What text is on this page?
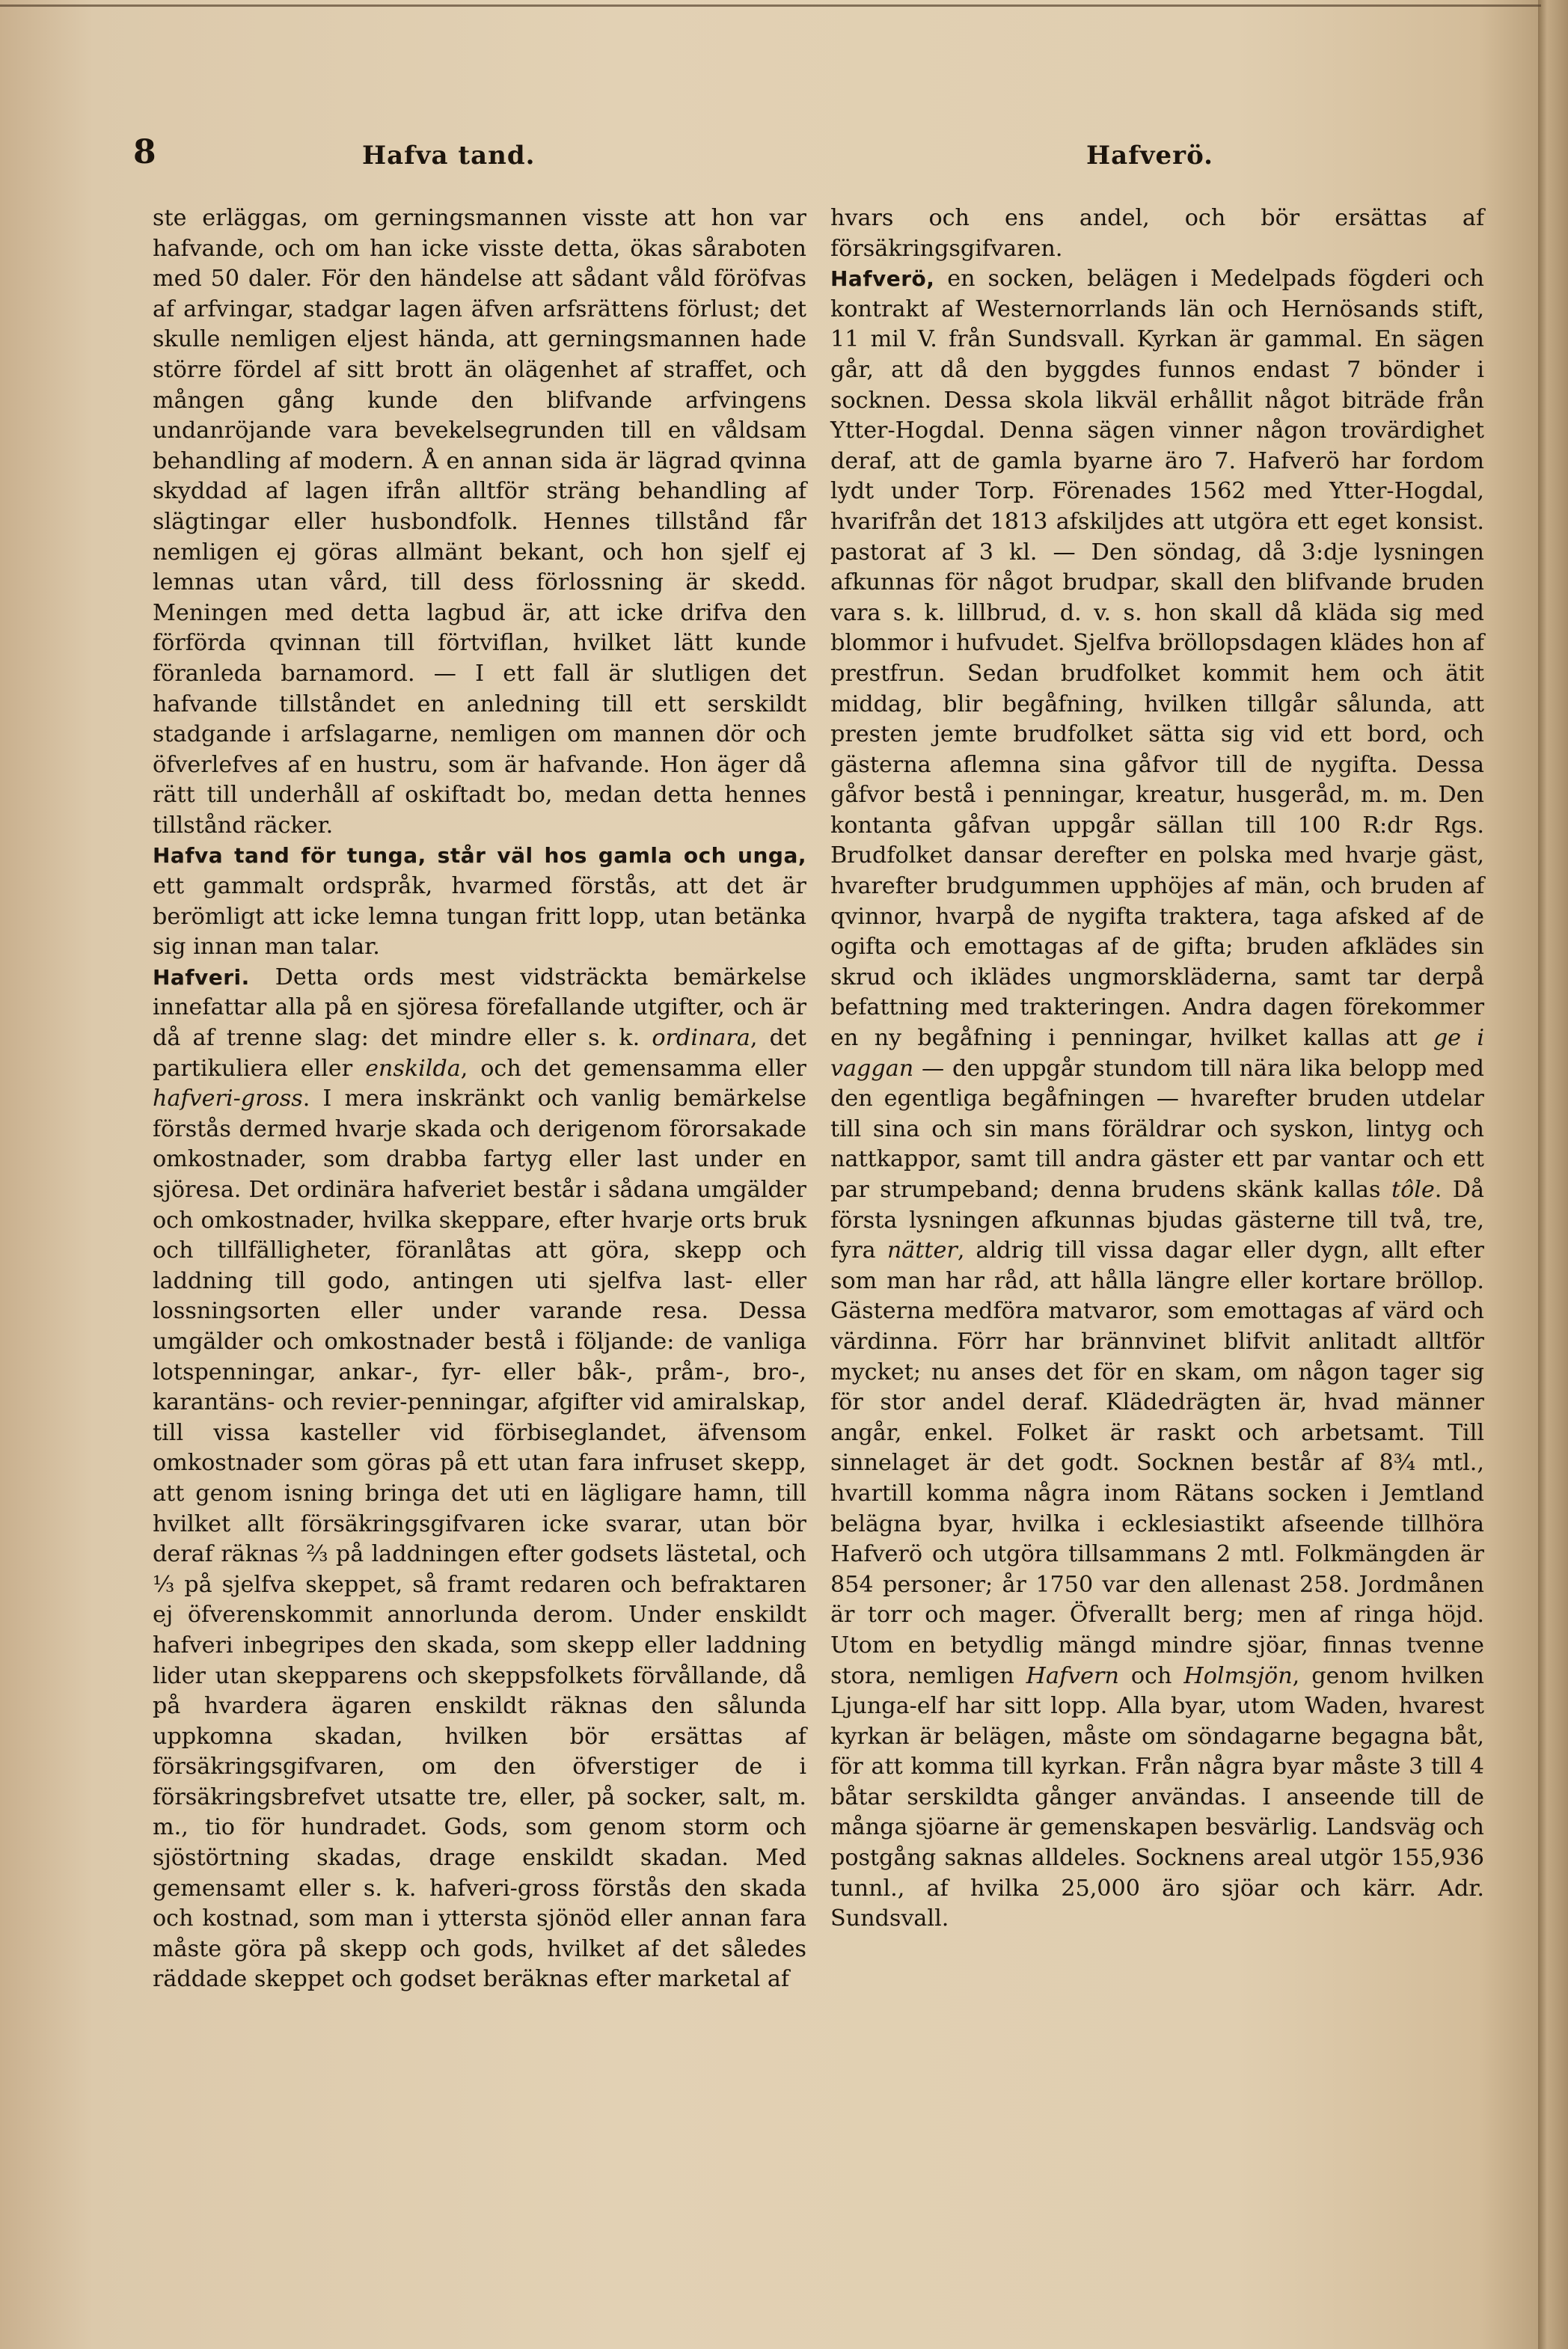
8	Hafva tand.	Hafverö.

ste erläggas, om gerningsmannen visste att hon var hafvande, och om han icke visste detta, ökas såraboten med 50 daler. För den händelse att sådant våld föröfvas af arfvingar, stadgar lagen äfven arfsrättens förlust; det skulle nemligen eljest hända, att gerningsmannen hade större fördel af sitt brott än olägenhet af straffet, och mången gång kunde den blifvande arfvingens undanröjande vara bevekelsegrunden till en våldsam behandling af modern. Å en annan sida är lägrad qvinna skyddad af lagen ifrån alltför sträng behandling af slägtingar eller husbondfolk. Hennes tillstånd får nemligen ej göras allmänt bekant, och hon sjelf ej lemnas utan vård, till dess förlossning är skedd. Meningen med detta lagbud är, att icke drifva den förförda qvinnan till förtviflan, hvilket lätt kunde föranleda barnamord. — I ett fall är slutligen det hafvande tillståndet en anledning till ett serskildt stadgande i arfslagarne, nemligen om mannen dör och öfverlefves af en hustru, som är hafvande. Hon äger då rätt till underhåll af oskiftadt bo, medan detta hennes tillstånd räcker.

Hafva tand för tunga, står väl hos gamla och unga, ett gammalt ordspråk, hvarmed förstås, att det är berömligt att icke lemna tungan fritt lopp, utan betänka sig innan man talar.

Hafveri. Detta ords mest vidsträckta bemärkelse innefattar alla på en sjöresa förefallande utgifter, och är då af trenne slag: det mindre eller s. k. ordinara, det partikuliera eller enskilda, och det gemensamma eller hafveri-gross. I mera inskränkt och vanlig bemärkelse förstås dermed hvarje skada och derigenom förorsakade omkostnader, som drabba fartyg eller last under en sjöresa. Det ordinära hafveriet består i sådana umgälder och omkostnader, hvilka skeppare, efter hvarje orts bruk och tillfälligheter, föranlåtas att göra, skepp och laddning till godo, antingen uti sjelfva last- eller lossningsorten eller under varande resa. Dessa umgälder och omkostnader bestå i följande: de vanliga lotspenningar, ankar-, fyr- eller båk-, pråm-, bro-, karantäns- och revier-penningar, afgifter vid amiralskap, till vissa kasteller vid förbiseglandet, äfvensom omkostnader som göras på ett utan fara infruset skepp, att genom isning bringa det uti en lägligare hamn, till hvilket allt försäkringsgifvaren icke svarar, utan bör deraf räknas ⅔ på laddningen efter godsets lästetal, och ⅓ på sjelfva skeppet, så framt redaren och befraktaren ej öfverenskommit annorlunda derom. Under enskildt hafveri inbegripes den skada, som skepp eller laddning lider utan skepparens och skeppsfolkets förvållande, då på hvardera ägaren enskildt räknas den sålunda uppkomna skadan, hvilken bör ersättas af försäkringsgifvaren, om den öfverstiger de i försäkringsbrefvet utsatte tre, eller, på socker, salt, m. m., tio för hundradet. Gods, som genom storm och sjöstörtning skadas, drage enskildt skadan. Med gemensamt eller s. k. hafveri-gross förstås den skada och kostnad, som man i yttersta sjönöd eller annan fara måste göra på skepp och gods, hvilket af det således räddade skeppet och godset beräknas efter marketal af

hvars och ens andel, och bör ersättas af försäkringsgifvaren.

Hafverö, en socken, belägen i Medelpads fögderi och kontrakt af Westernorrlands län och Hernösands stift, 11 mil V. från Sundsvall. Kyrkan är gammal. En sägen går, att då den byggdes funnos endast 7 bönder i socknen. Dessa skola likväl erhållit något biträde från Ytter-Hogdal. Denna sägen vinner någon trovärdighet deraf, att de gamla byarne äro 7. Hafverö har fordom lydt under Torp. Förenades 1562 med Ytter-Hogdal, hvarifrån det 1813 afskiljdes att utgöra ett eget konsist. pastorat af 3 kl. — Den söndag, då 3:dje lysningen afkunnas för något brudpar, skall den blifvande bruden vara s. k. lillbrud, d. v. s. hon skall då kläda sig med blommor i hufvudet. Sjelfva bröllopsdagen klädes hon af prestfrun. Sedan brudfolket kommit hem och ätit middag, blir begåfning, hvilken tillgår sålunda, att presten jemte brudfolket sätta sig vid ett bord, och gästerna aflemna sina gåfvor till de nygifta. Dessa gåfvor bestå i penningar, kreatur, husgeråd, m. m. Den kontanta gåfvan uppgår sällan till 100 R:dr Rgs. Brudfolket dansar derefter en polska med hvarje gäst, hvarefter brudgummen upphöjes af män, och bruden af qvinnor, hvarpå de nygifta traktera, taga afsked af de ogifta och emottagas af de gifta; bruden afklädes sin skrud och iklädes ungmorskläderna, samt tar derpå befattning med trakteringen. Andra dagen förekommer en ny begåfning i penningar, hvilket kallas att ge i vaggan — den uppgår stundom till nära lika belopp med den egentliga begåfningen — hvarefter bruden utdelar till sina och sin mans föräldrar och syskon, lintyg och nattkappor, samt till andra gäster ett par vantar och ett par strumpeband; denna brudens skänk kallas tôle. Då första lysningen afkunnas bjudas gästerne till två, tre, fyra nätter, aldrig till vissa dagar eller dygn, allt efter som man har råd, att hålla längre eller kortare bröllop. Gästerna medföra matvaror, som emottagas af värd och värdinna. Förr har brännvinet blifvit anlitadt alltför mycket; nu anses det för en skam, om någon tager sig för stor andel deraf. Klädedrägten är, hvad männer angår, enkel. Folket är raskt och arbetsamt. Till sinnelaget är det godt. Socknen består af 8¾ mtl., hvartill komma några inom Rätans socken i Jemtland belägna byar, hvilka i ecklesiastikt afseende tillhöra Hafverö och utgöra tillsammans 2 mtl. Folkmängden är 854 personer; år 1750 var den allenast 258. Jordmånen är torr och mager. Öfverallt berg; men af ringa höjd. Utom en betydlig mängd mindre sjöar, finnas tvenne stora, nemligen Hafvern och Holmsjön, genom hvilken Ljunga-elf har sitt lopp. Alla byar, utom Waden, hvarest kyrkan är belägen, måste om söndagarne begagna båt, för att komma till kyrkan. Från några byar måste 3 till 4 båtar serskildta gånger användas. I anseende till de många sjöarne är gemenskapen besvärlig. Landsväg och postgång saknas alldeles. Socknens areal utgör 155,936 tunnl., af hvilka 25,000 äro sjöar och kärr. Adr. Sundsvall.
